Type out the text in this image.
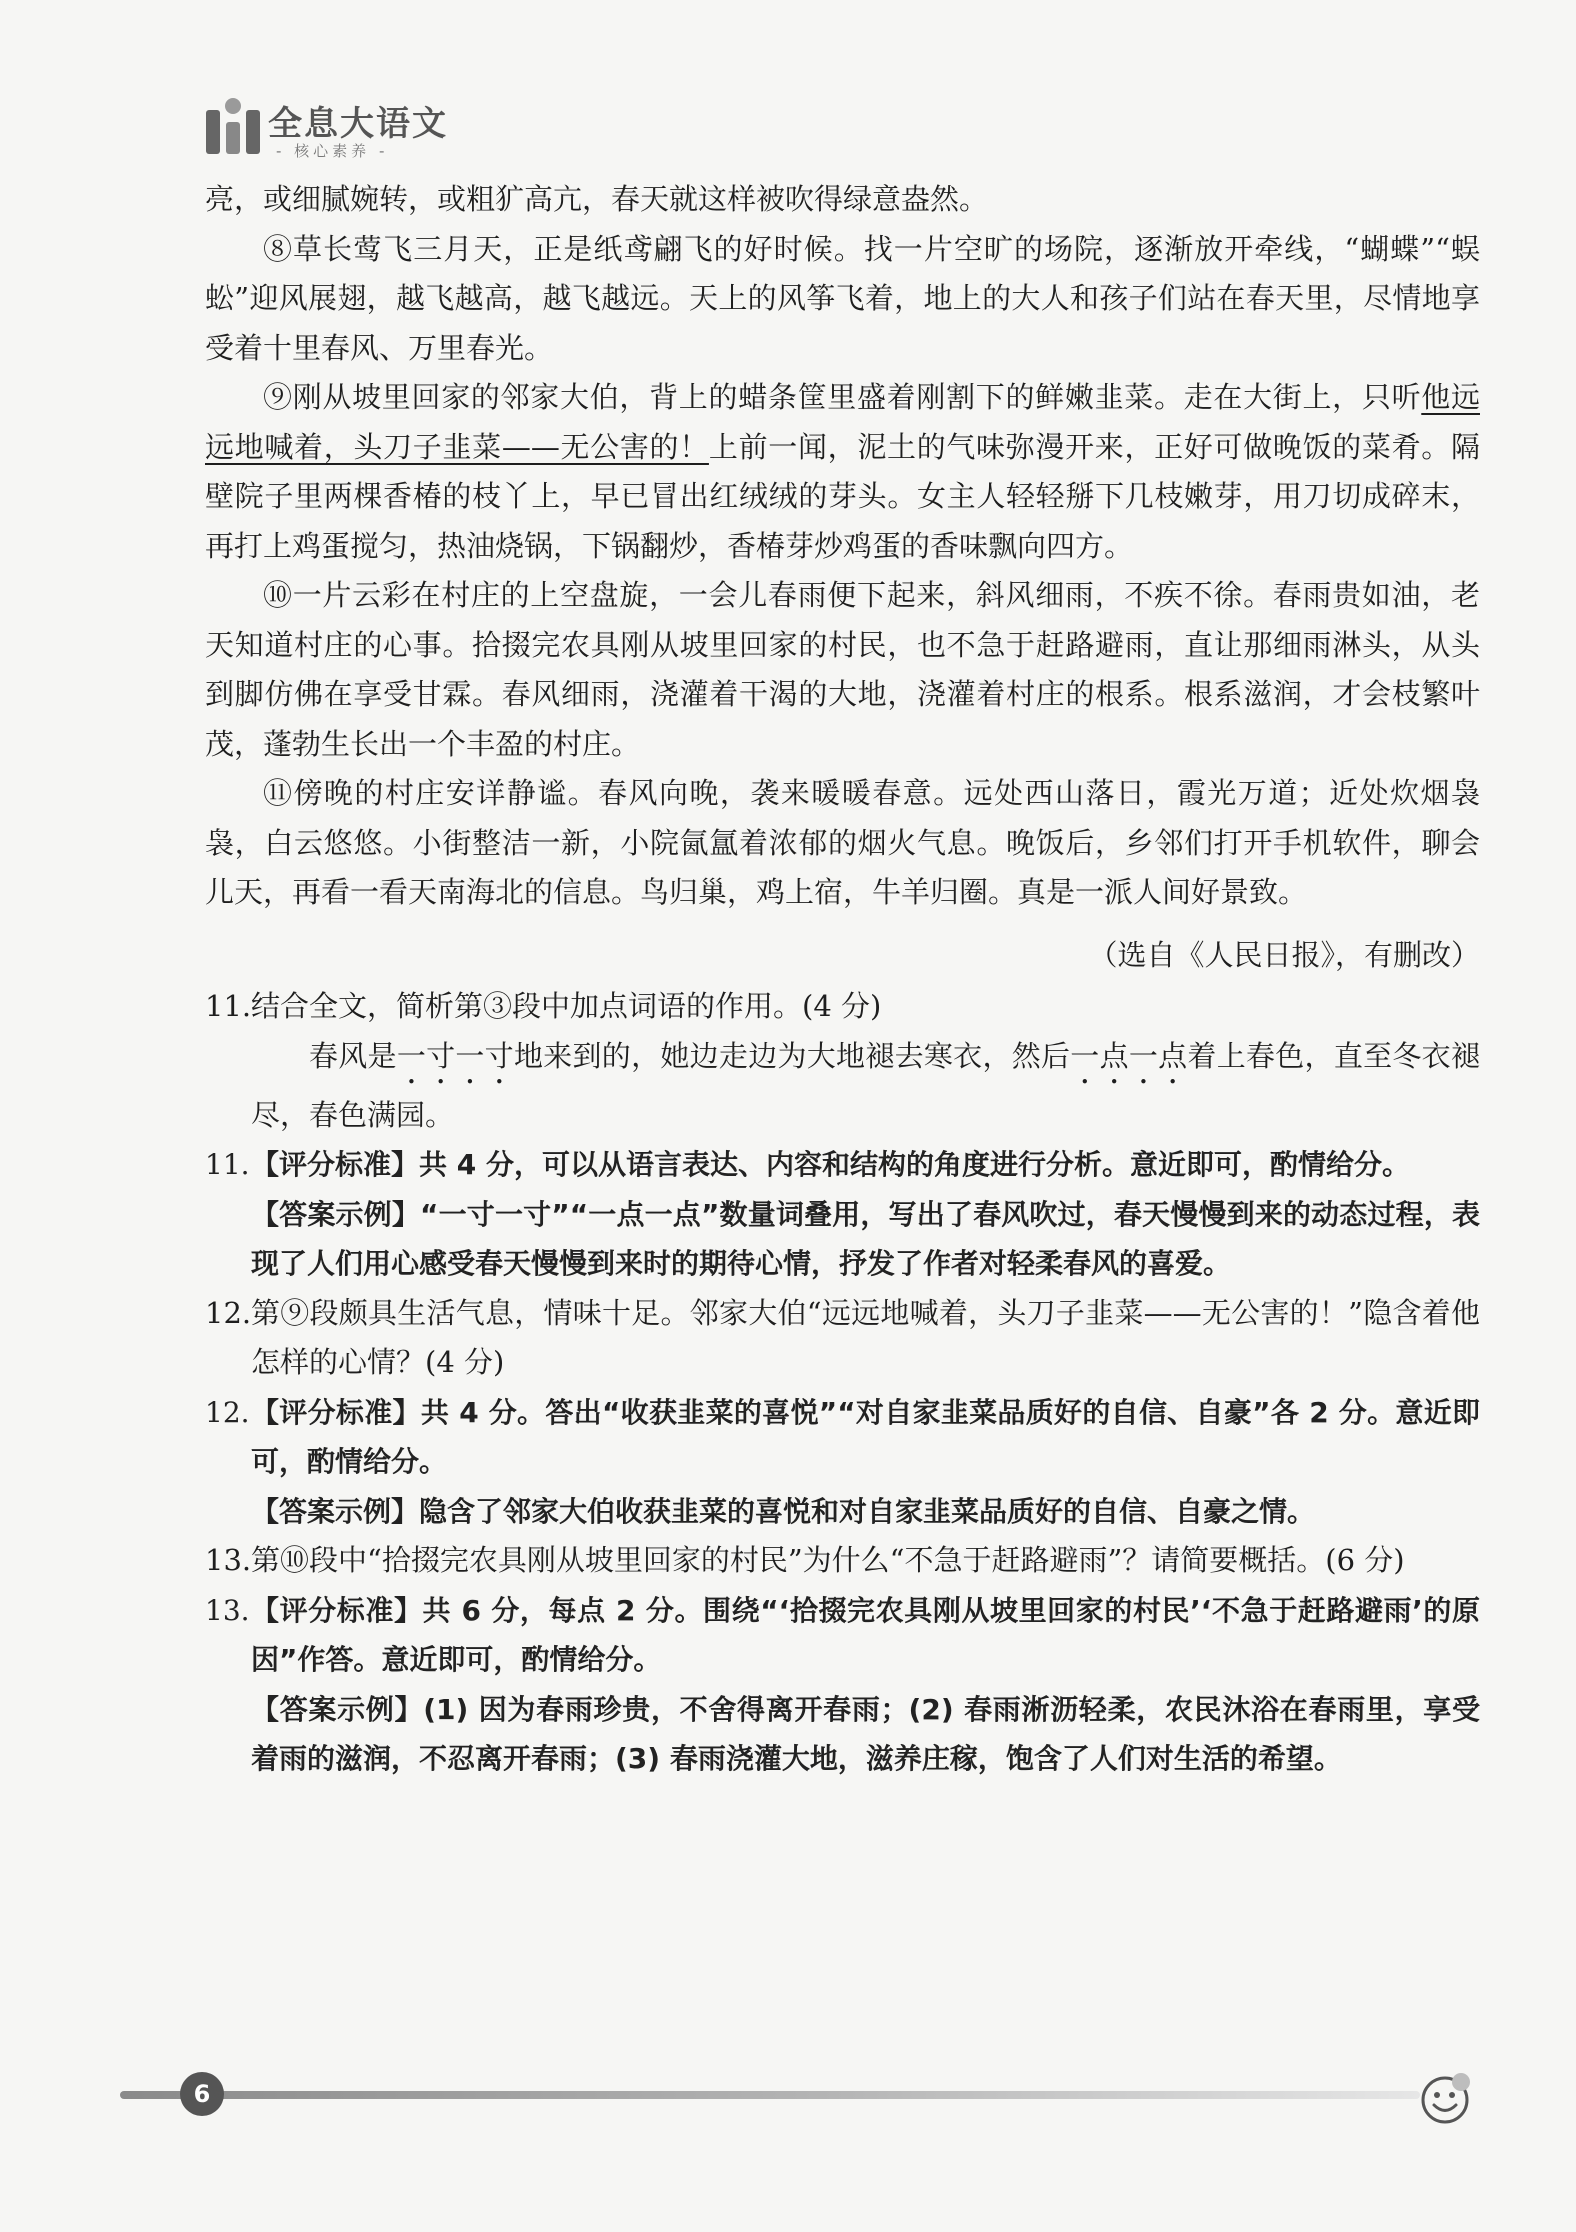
全息大语文
- 核心素养 -

亮，或细腻婉转，或粗犷高亢，春天就这样被吹得绿意盎然。

⑧草长莺飞三月天，正是纸鸢翩飞的好时候。找一片空旷的场院，逐渐放开牵线，“蝴蝶”“蜈蚣”迎风展翅，越飞越高，越飞越远。天上的风筝飞着，地上的大人和孩子们站在春天里，尽情地享受着十里春风、万里春光。

⑨刚从坡里回家的邻家大伯，背上的蜡条筐里盛着刚割下的鲜嫩韭菜。走在大街上，只听他远远地喊着，头刀子韭菜——无公害的！上前一闻，泥土的气味弥漫开来，正好可做晚饭的菜肴。隔壁院子里两棵香椿的枝丫上，早已冒出红绒绒的芽头。女主人轻轻掰下几枝嫩芽，用刀切成碎末，再打上鸡蛋搅匀，热油烧锅，下锅翻炒，香椿芽炒鸡蛋的香味飘向四方。

⑩一片云彩在村庄的上空盘旋，一会儿春雨便下起来，斜风细雨，不疾不徐。春雨贵如油，老天知道村庄的心事。拾掇完农具刚从坡里回家的村民，也不急于赶路避雨，直让那细雨淋头，从头到脚仿佛在享受甘霖。春风细雨，浇灌着干渴的大地，浇灌着村庄的根系。根系滋润，才会枝繁叶茂，蓬勃生长出一个丰盈的村庄。

⑪傍晚的村庄安详静谧。春风向晚，袭来暖暖春意。远处西山落日，霞光万道；近处炊烟袅袅，白云悠悠。小街整洁一新，小院氤氲着浓郁的烟火气息。晚饭后，乡邻们打开手机软件，聊会儿天，再看一看天南海北的信息。鸟归巢，鸡上宿，牛羊归圈。真是一派人间好景致。

（选自《人民日报》，有删改）

11. 结合全文，简析第③段中加点词语的作用。(4 分)

春风是一寸一寸地来到的，她边走边为大地褪去寒衣，然后一点一点着上春色，直至冬衣褪尽，春色满园。

11. 【评分标准】共 4 分，可以从语言表达、内容和结构的角度进行分析。意近即可，酌情给分。

【答案示例】“一寸一寸”“一点一点”数量词叠用，写出了春风吹过，春天慢慢到来的动态过程，表现了人们用心感受春天慢慢到来时的期待心情，抒发了作者对轻柔春风的喜爱。

12. 第⑨段颇具生活气息，情味十足。邻家大伯“远远地喊着，头刀子韭菜——无公害的！”隐含着他怎样的心情？(4 分)
12. 【评分标准】共 4 分。答出“收获韭菜的喜悦”“对自家韭菜品质好的自信、自豪”各 2 分。意近即可，酌情给分。

【答案示例】隐含了邻家大伯收获韭菜的喜悦和对自家韭菜品质好的自信、自豪之情。

13. 第⑩段中“拾掇完农具刚从坡里回家的村民”为什么“不急于赶路避雨”？请简要概括。(6 分)
13. 【评分标准】共 6 分，每点 2 分。围绕“‘拾掇完农具刚从坡里回家的村民’‘不急于赶路避雨’的原因”作答。意近即可，酌情给分。

【答案示例】(1) 因为春雨珍贵，不舍得离开春雨；(2) 春雨淅沥轻柔，农民沐浴在春雨里，享受着雨的滋润，不忍离开春雨；(3) 春雨浇灌大地，滋养庄稼，饱含了人们对生活的希望。

6
